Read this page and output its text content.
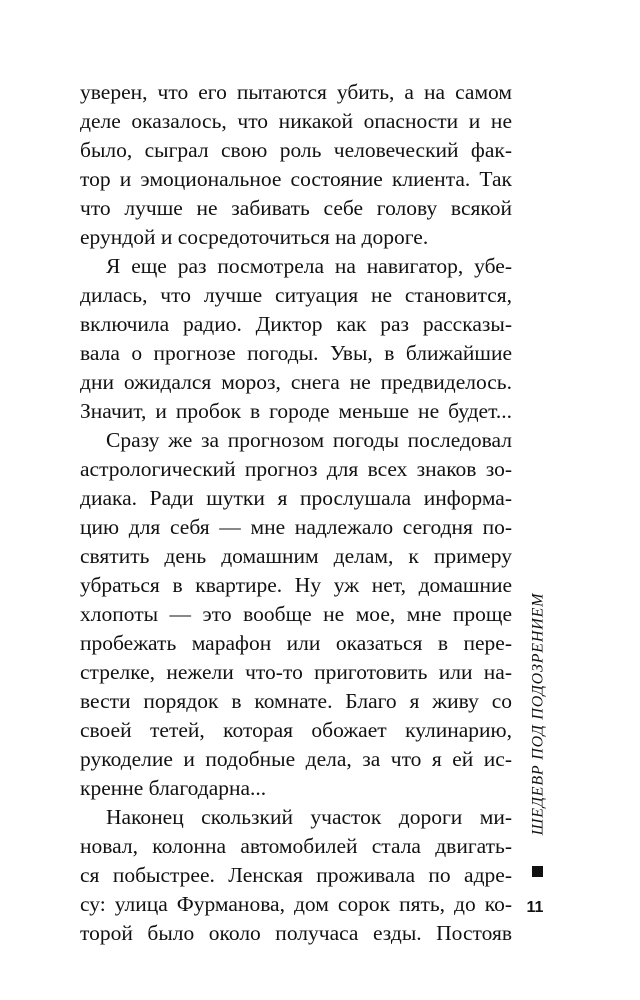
уверен, что его пытаются убить, а на самом
деле оказалось, что никакой опасности и не
было, сыграл свою роль человеческий фак-
тор и эмоциональное состояние клиента. Так
что лучше не забивать себе голову всякой
ерундой и сосредоточиться на дороге.
Я еще раз посмотрела на навигатор, убе-
дилась, что лучше ситуация не становится,
включила радио. Диктор как раз рассказы-
вала о прогнозе погоды. Увы, в ближайшие
дни ожидался мороз, снега не предвиделось.
Значит, и пробок в городе меньше не будет...
Сразу же за прогнозом погоды последовал
астрологический прогноз для всех знаков зо-
диака. Ради шутки я прослушала информа-
цию для себя — мне надлежало сегодня по-
святить день домашним делам, к примеру
убраться в квартире. Ну уж нет, домашние
хлопоты — это вообще не мое, мне проще
пробежать марафон или оказаться в пере-
стрелке, нежели что-то приготовить или на-
вести порядок в комнате. Благо я живу со
своей тетей, которая обожает кулинарию,
рукоделие и подобные дела, за что я ей ис-
кренне благодарна...
Наконец скользкий участок дороги ми-
новал, колонна автомобилей стала двигать-
ся побыстрее. Ленская проживала по адре-
су: улица Фурманова, дом сорок пять, до ко-
торой было около получаса езды. Постояв
ШЕДЕВР ПОД ПОДОЗРЕНИЕМ
11
